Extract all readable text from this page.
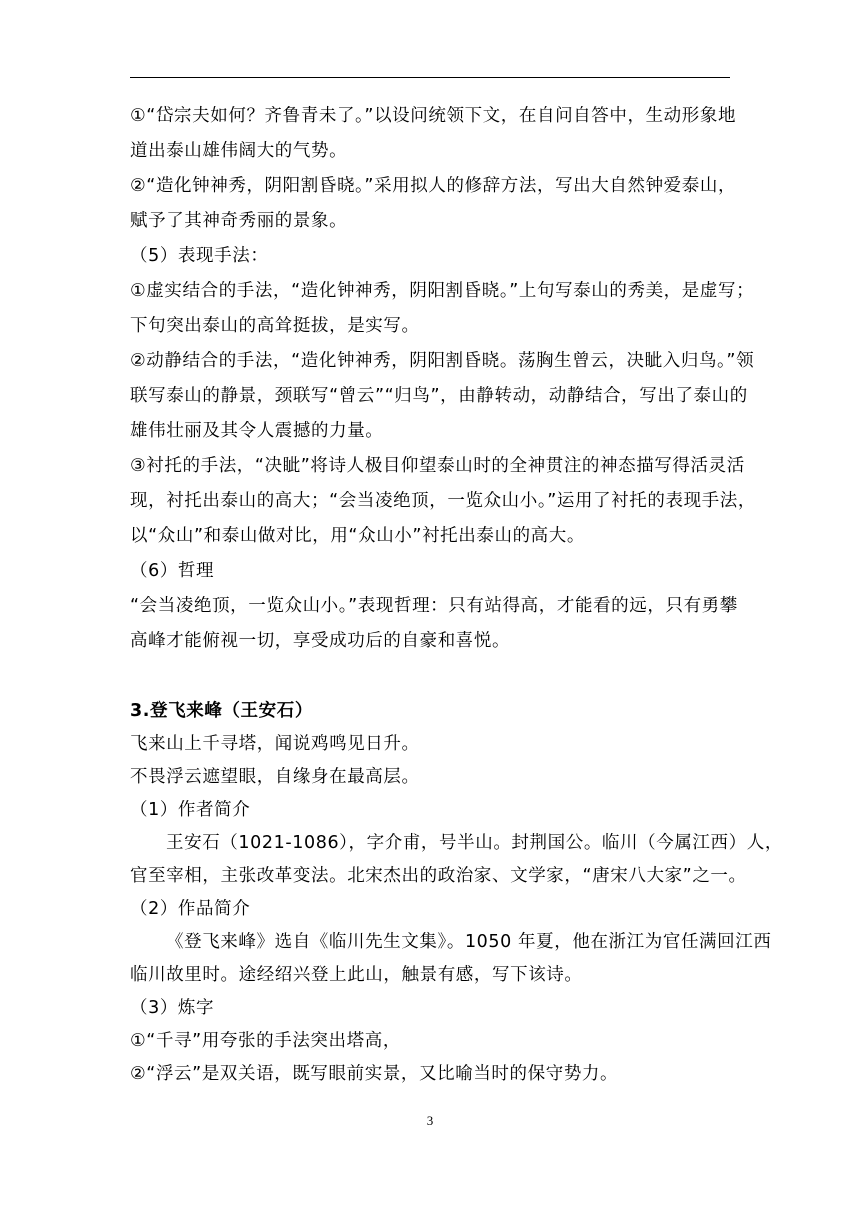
①“岱宗夫如何？齐鲁青未了。”以设问统领下文，在自问自答中，生动形象地
道出泰山雄伟阔大的气势。
②“造化钟神秀，阴阳割昏晓。”采用拟人的修辞方法，写出大自然钟爱泰山，
赋予了其神奇秀丽的景象。
（5）表现手法：
①虚实结合的手法，“造化钟神秀，阴阳割昏晓。”上句写泰山的秀美，是虚写；
下句突出泰山的高耸挺拔，是实写。
②动静结合的手法，“造化钟神秀，阴阳割昏晓。荡胸生曾云，决眦入归鸟。”领
联写泰山的静景，颈联写“曾云”“归鸟”，由静转动，动静结合，写出了泰山的
雄伟壮丽及其令人震撼的力量。
③衬托的手法，“决眦”将诗人极目仰望泰山时的全神贯注的神态描写得活灵活
现，衬托出泰山的高大；“会当凌绝顶，一览众山小。”运用了衬托的表现手法，
以“众山”和泰山做对比，用“众山小”衬托出泰山的高大。
（6）哲理
“会当凌绝顶，一览众山小。”表现哲理：只有站得高，才能看的远，只有勇攀
高峰才能俯视一切，享受成功后的自豪和喜悦。
3.登飞来峰（王安石）
飞来山上千寻塔，闻说鸡鸣见日升。
不畏浮云遮望眼，自缘身在最高层。
（1）作者简介
王安石（1021-1086），字介甫，号半山。封荆国公。临川（今属江西）人，
官至宰相，主张改革变法。北宋杰出的政治家、文学家，“唐宋八大家”之一。
（2）作品简介
《登飞来峰》选自《临川先生文集》。1050 年夏，他在浙江为官任满回江西
临川故里时。途经绍兴登上此山，触景有感，写下该诗。
（3）炼字
①“千寻”用夸张的手法突出塔高，
②“浮云”是双关语，既写眼前实景，又比喻当时的保守势力。
3
